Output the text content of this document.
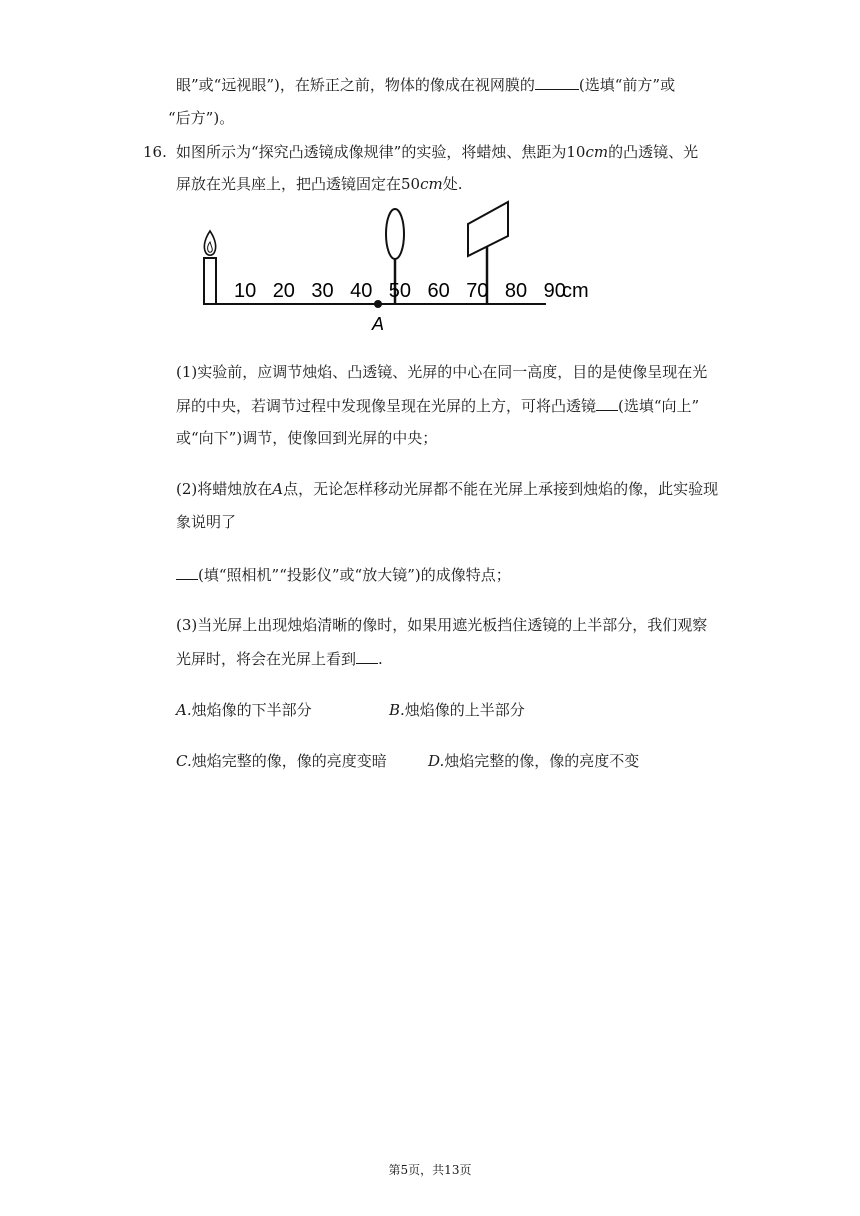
眼”或“远视眼”)，在矫正之前，物体的像成在视网膜的	(选填“前方”或
“后方”)。
16. 如图所示为“探究凸透镜成像规律”的实验，将蜡烛、焦距为10cm的凸透镜、光
屏放在光具座上，把凸透镜固定在50cm处.
A
10 20 30 40 50 60 70 80 90
cm
(1)实验前，应调节烛焰、凸透镜、光屏的中心在同一高度，目的是使像呈现在光
屏的中央，若调节过程中发现像呈现在光屏的上方，可将凸透镜 (选填“向上”
或“向下”)调节，使像回到光屏的中央；
(2)将蜡烛放在A点，无论怎样移动光屏都不能在光屏上承接到烛焰的像，此实验现
象说明了
(填“照相机”“投影仪”或“放大镜”)的成像特点；
(3)当光屏上出现烛焰清晰的像时，如果用遮光板挡住透镜的上半部分，我们观察
光屏时，将会在光屏上看到 .
A.烛焰像的下半部分	B.烛焰像的上半部分
C.烛焰完整的像，像的亮度变暗	D.烛焰完整的像，像的亮度不变
第5页，共13页
